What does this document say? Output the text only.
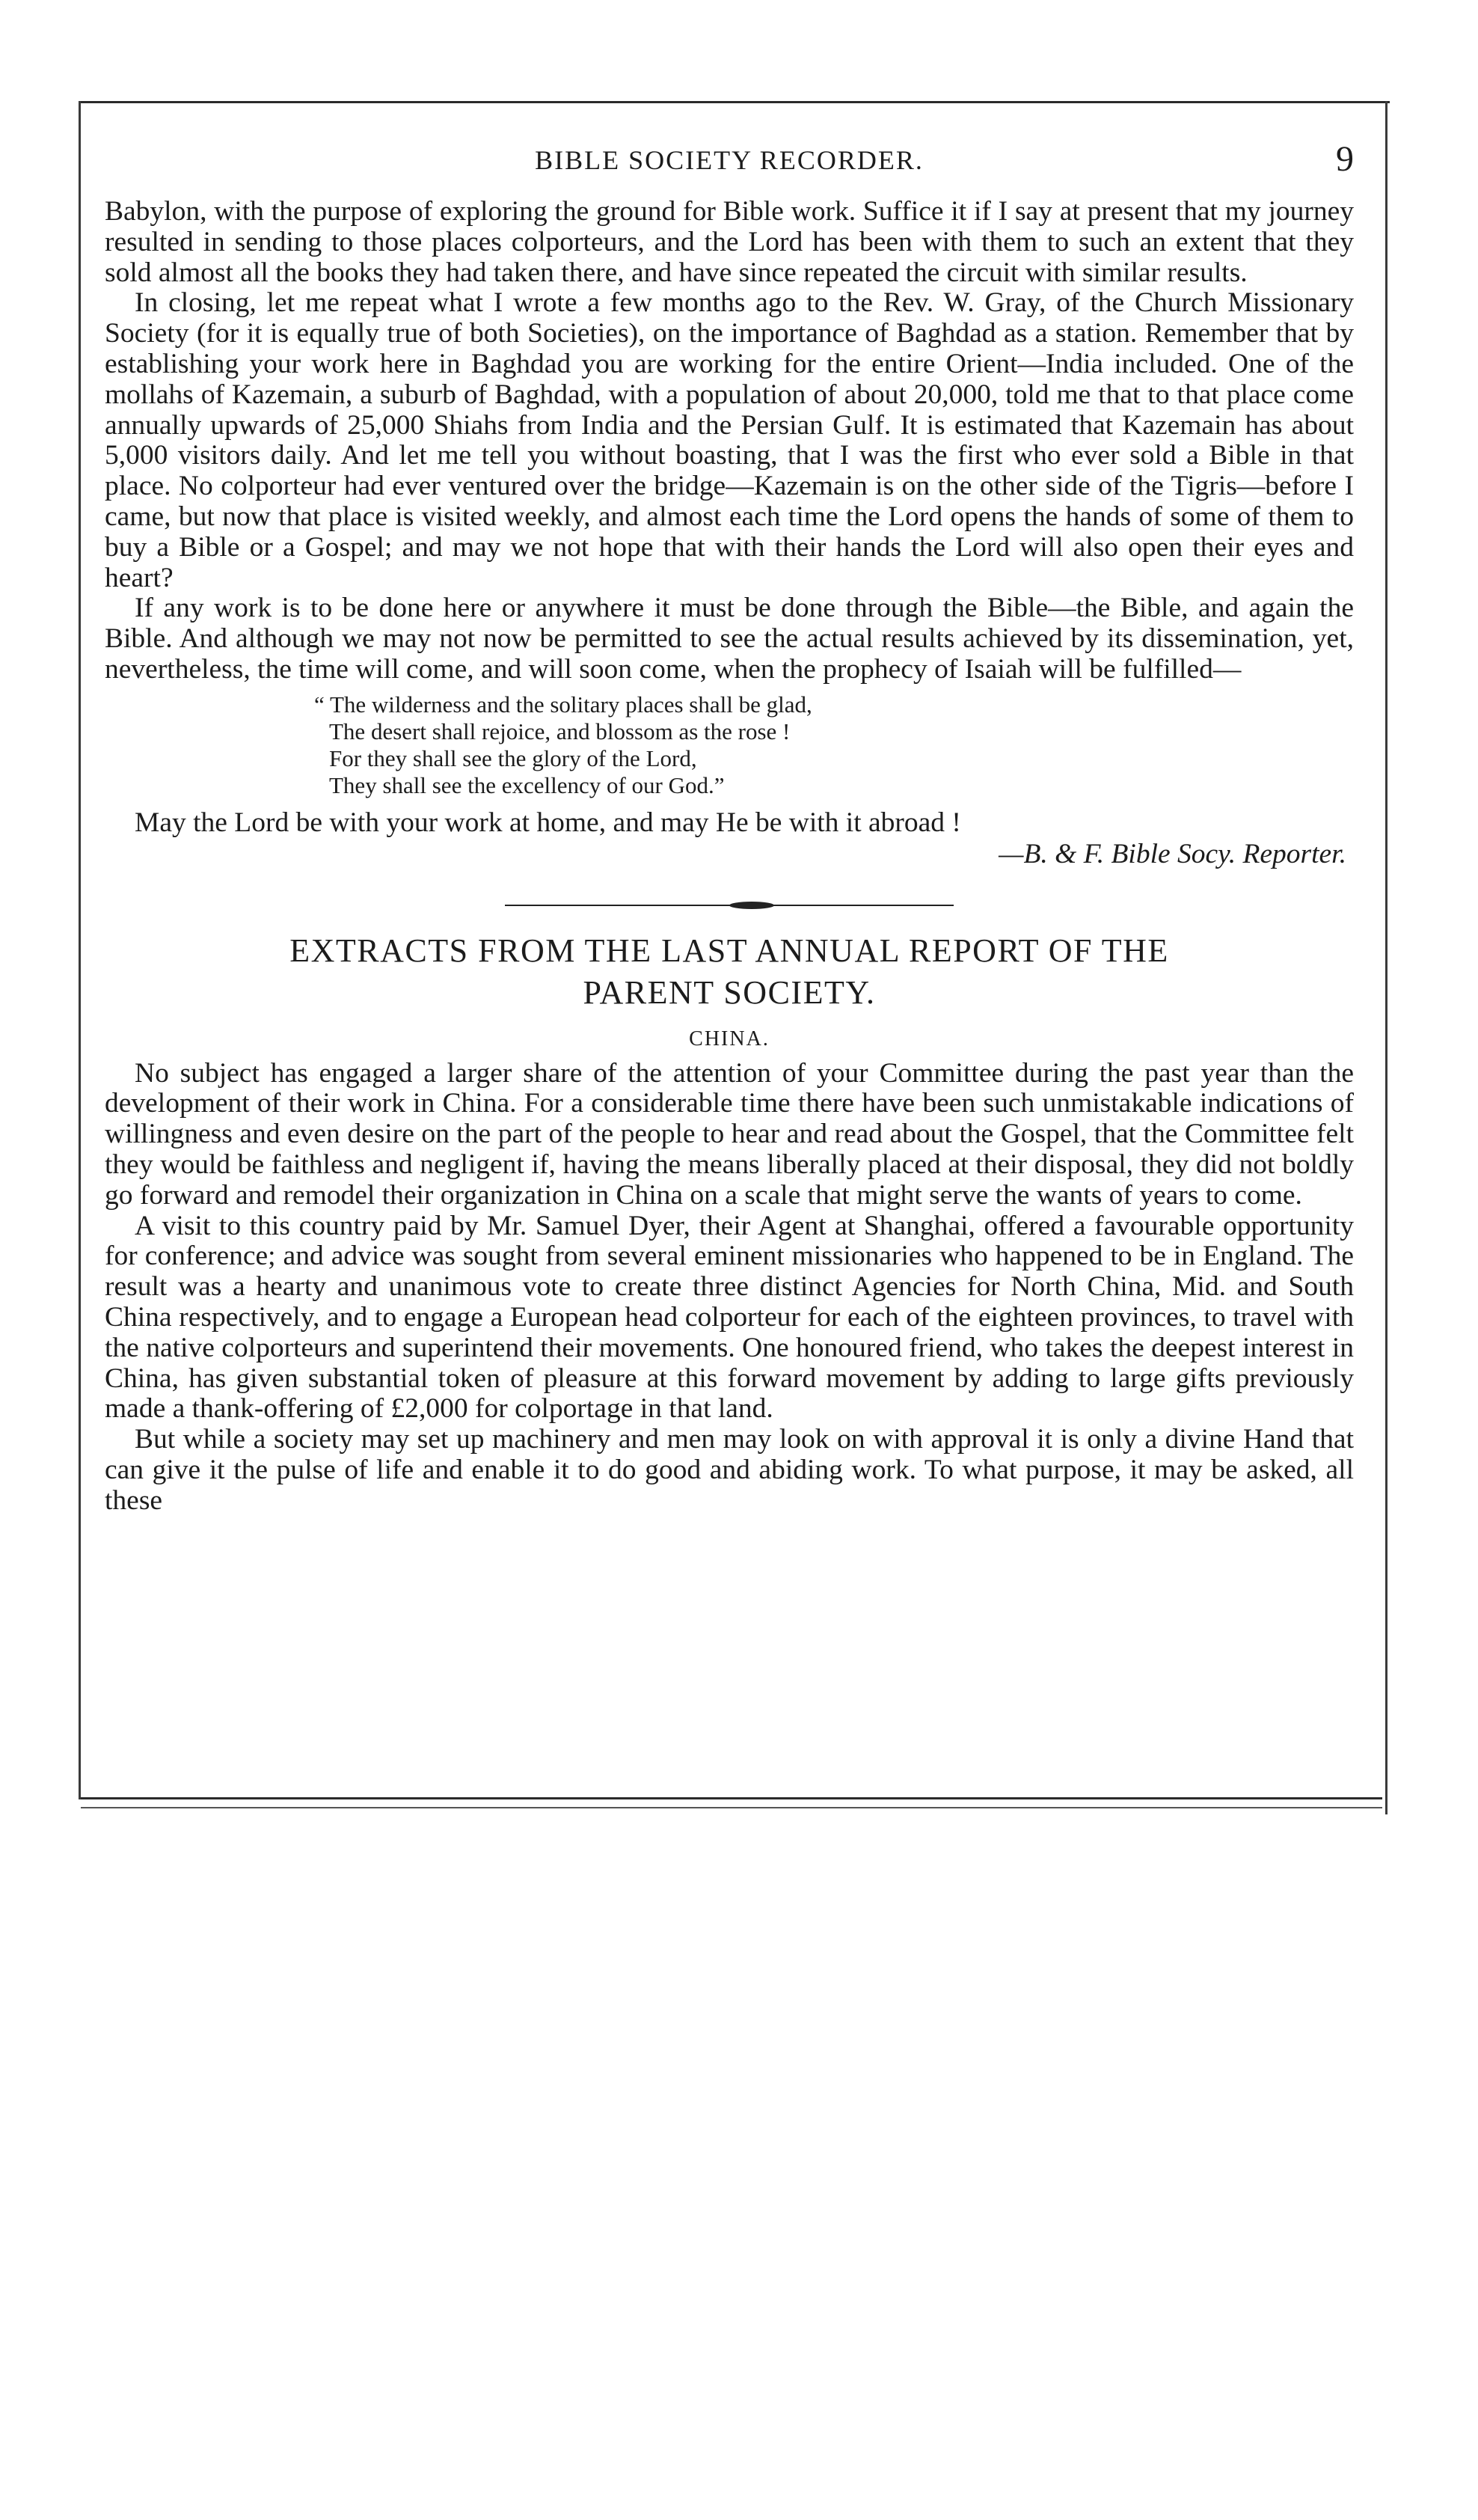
BIBLE SOCIETY RECORDER.	9

Babylon, with the purpose of exploring the ground for Bible work. Suffice it if I say at present that my journey resulted in sending to those places colporteurs, and the Lord has been with them to such an extent that they sold almost all the books they had taken there, and have since repeated the circuit with similar results.

In closing, let me repeat what I wrote a few months ago to the Rev. W. Gray, of the Church Missionary Society (for it is equally true of both Societies), on the importance of Baghdad as a station. Remember that by establishing your work here in Baghdad you are working for the entire Orient—India included. One of the mollahs of Kazemain, a suburb of Baghdad, with a population of about 20,000, told me that to that place come annually upwards of 25,000 Shiahs from India and the Persian Gulf. It is estimated that Kazemain has about 5,000 visitors daily. And let me tell you without boasting, that I was the first who ever sold a Bible in that place. No colporteur had ever ventured over the bridge—Kazemain is on the other side of the Tigris—before I came, but now that place is visited weekly, and almost each time the Lord opens the hands of some of them to buy a Bible or a Gospel; and may we not hope that with their hands the Lord will also open their eyes and heart?

If any work is to be done here or anywhere it must be done through the Bible—the Bible, and again the Bible. And although we may not now be permitted to see the actual results achieved by its dissemination, yet, nevertheless, the time will come, and will soon come, when the prophecy of Isaiah will be fulfilled—

“ The wilderness and the solitary places shall be glad,
The desert shall rejoice, and blossom as the rose !
For they shall see the glory of the Lord,
They shall see the excellency of our God.”

May the Lord be with your work at home, and may He be with it abroad !

—B. & F. Bible Socy. Reporter.
EXTRACTS FROM THE LAST ANNUAL REPORT OF THE
PARENT SOCIETY.
CHINA.

No subject has engaged a larger share of the attention of your Committee during the past year than the development of their work in China. For a considerable time there have been such unmistakable indications of willingness and even desire on the part of the people to hear and read about the Gospel, that the Committee felt they would be faithless and negligent if, having the means liberally placed at their disposal, they did not boldly go forward and remodel their organization in China on a scale that might serve the wants of years to come.

A visit to this country paid by Mr. Samuel Dyer, their Agent at Shanghai, offered a favourable opportunity for conference; and advice was sought from several eminent missionaries who happened to be in England. The result was a hearty and unanimous vote to create three distinct Agencies for North China, Mid. and South China respectively, and to engage a European head colporteur for each of the eighteen provinces, to travel with the native colporteurs and superintend their movements. One honoured friend, who takes the deepest interest in China, has given substantial token of pleasure at this forward movement by adding to large gifts previously made a thank-offering of £2,000 for colportage in that land.

But while a society may set up machinery and men may look on with approval it is only a divine Hand that can give it the pulse of life and enable it to do good and abiding work. To what purpose, it may be asked, all these
